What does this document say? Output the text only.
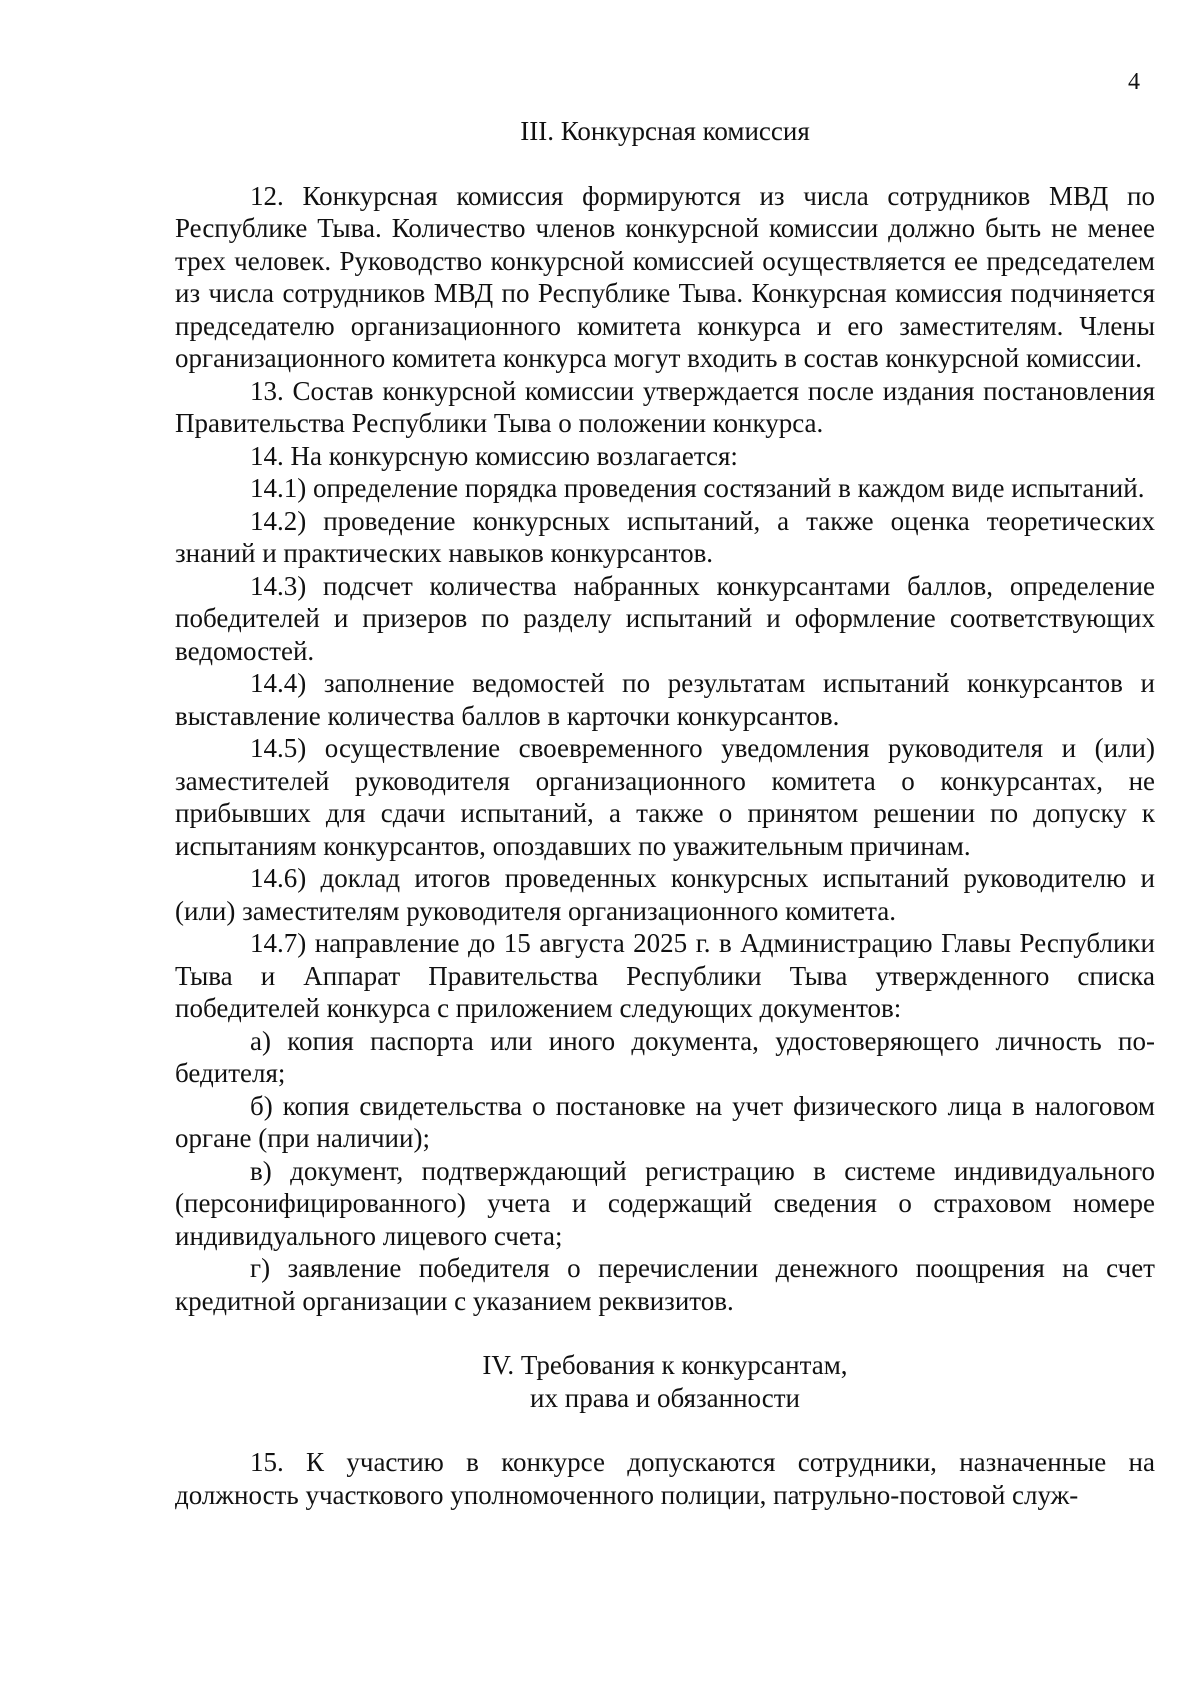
4
III. Конкурсная комиссия

12. Конкурсная комиссия формируются из числа сотрудников МВД по Республике Тыва. Количество членов конкурсной комиссии должно быть не менее трех человек. Руководство конкурсной комиссией осуществляется ее председателем из числа сотрудников МВД по Республике Тыва. Конкурсная комиссия подчиняется председателю организационного комитета конкурса и его заместителям. Члены организационного комитета конкурса могут входить в состав конкурсной комиссии.

13. Состав конкурсной комиссии утверждается после издания постановления Правительства Республики Тыва о положении конкурса.

14. На конкурсную комиссию возлагается:

14.1) определение порядка проведения состязаний в каждом виде испытаний.

14.2) проведение конкурсных испытаний, а также оценка теоретических знаний и практических навыков конкурсантов.

14.3) подсчет количества набранных конкурсантами баллов, определение победителей и призеров по разделу испытаний и оформление соответствующих ведомостей.

14.4) заполнение ведомостей по результатам испытаний конкурсантов и выставление количества баллов в карточки конкурсантов.

14.5) осуществление своевременного уведомления руководителя и (или) заместителей руководителя организационного комитета о конкурсантах, не прибывших для сдачи испытаний, а также о принятом решении по допуску к испытаниям конкурсантов, опоздавших по уважительным причинам.

14.6) доклад итогов проведенных конкурсных испытаний руководителю и (или) заместителям руководителя организационного комитета.

14.7) направление до 15 августа 2025 г. в Администрацию Главы Республики Тыва и Аппарат Правительства Республики Тыва утвержденного списка победителей конкурса с приложением следующих документов:

а) копия паспорта или иного документа, удостоверяющего личность победителя;

б) копия свидетельства о постановке на учет физического лица в налоговом органе (при наличии);

в) документ, подтверждающий регистрацию в системе индивидуального (персонифицированного) учета и содержащий сведения о страховом номере индивидуального лицевого счета;

г) заявление победителя о перечислении денежного поощрения на счет кредитной организации с указанием реквизитов.

IV. Требования к конкурсантам,
их права и обязанности

15. К участию в конкурсе допускаются сотрудники, назначенные на должность участкового уполномоченного полиции, патрульно-постовой служ-
